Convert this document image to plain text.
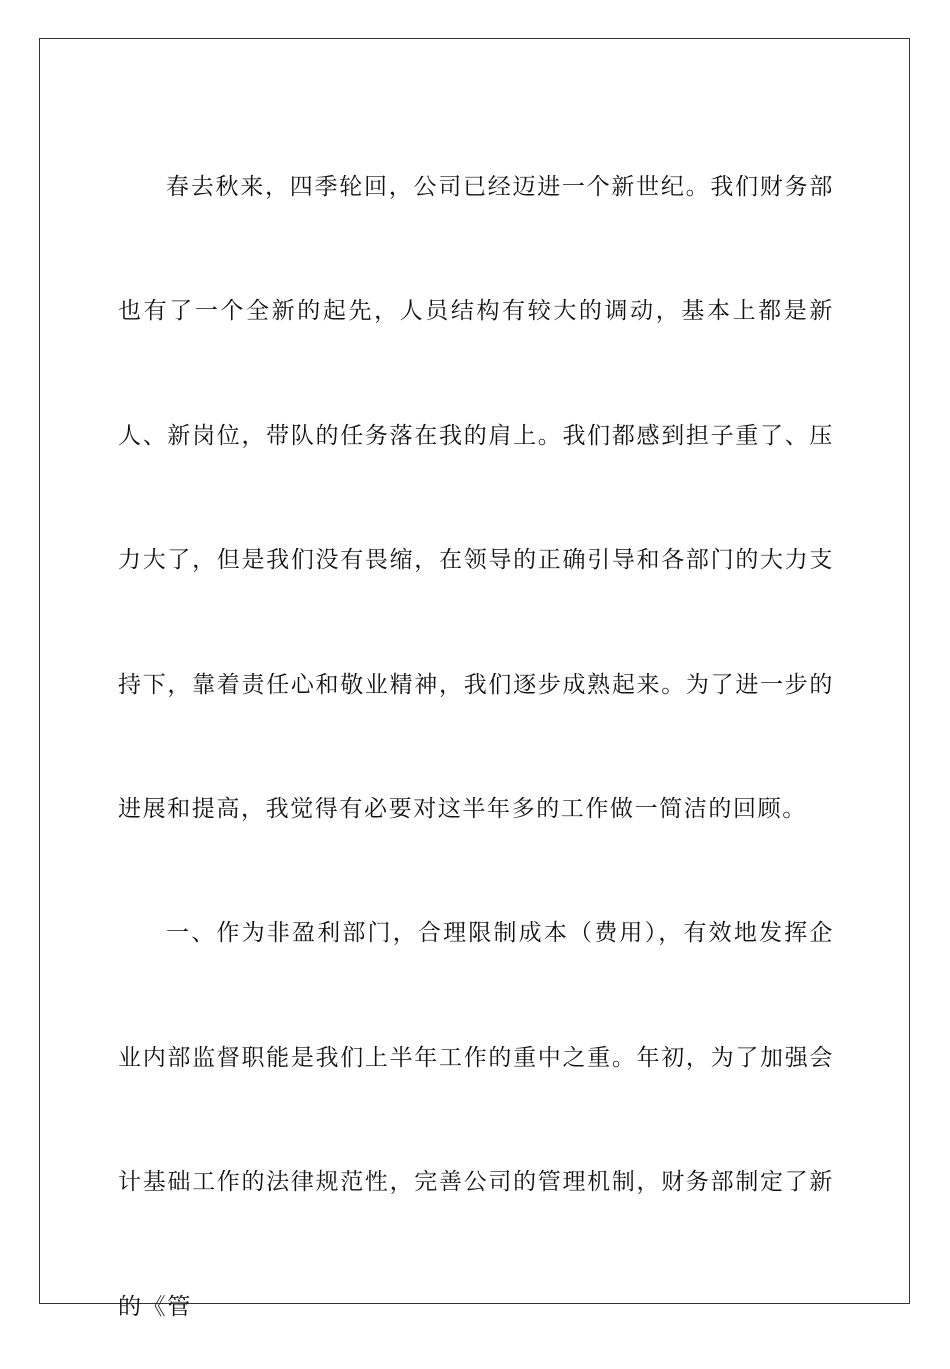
春去秋来，四季轮回，公司已经迈进一个新世纪。我们财务部也有了一个全新的起先，人员结构有较大的调动，基本上都是新人、新岗位，带队的任务落在我的肩上。我们都感到担子重了、压力大了，但是我们没有畏缩，在领导的正确引导和各部门的大力支持下，靠着责任心和敬业精神，我们逐步成熟起来。为了进一步的进展和提高，我觉得有必要对这半年多的工作做一简洁的回顾。

一、作为非盈利部门，合理限制成本（费用），有效地发挥企业内部监督职能是我们上半年工作的重中之重。年初，为了加强会计基础工作的法律规范性，完善公司的管理机制，财务部制定了新的《管
